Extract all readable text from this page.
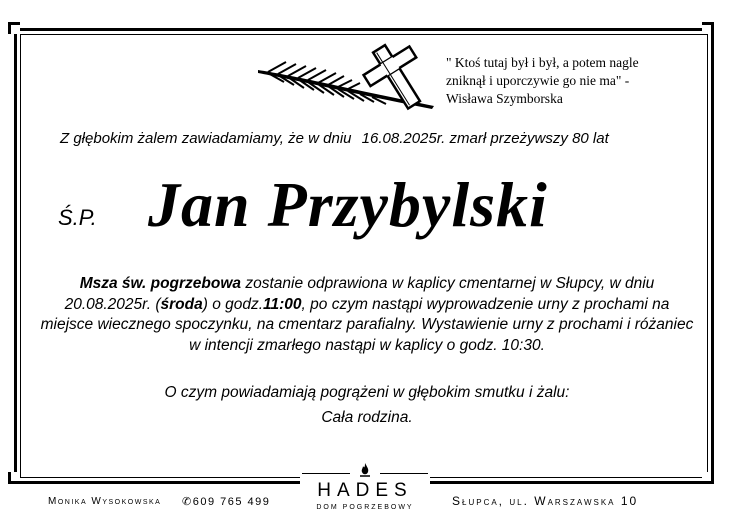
" Ktoś tutaj był i był, a potem nagle
zniknął i uporczywie go nie ma" -
Wisława Szymborska
Z głębokim żalem zawiadamiamy, że w dniu 16.08.2025r. zmarł przeżywszy 80 lat
Ś.P. Jan Przybylski
Msza św. pogrzebowa zostanie odprawiona w kaplicy cmentarnej w Słupcy, w dniu 20.08.2025r. (środa) o godz.11:00, po czym nastąpi wyprowadzenie urny z prochami na miejsce wiecznego spoczynku, na cmentarz parafialny. Wystawienie urny z prochami i różaniec w intencji zmarłego nastąpi w kaplicy o godz. 10:30.
O czym powiadamiają pogrążeni w głębokim smutku i żalu:
Cała rodzina.
Monika Wysokowska ✆609 765 499
HADES
DOM POGRZEBOWY	Słupca, ul. Warszawska 10
